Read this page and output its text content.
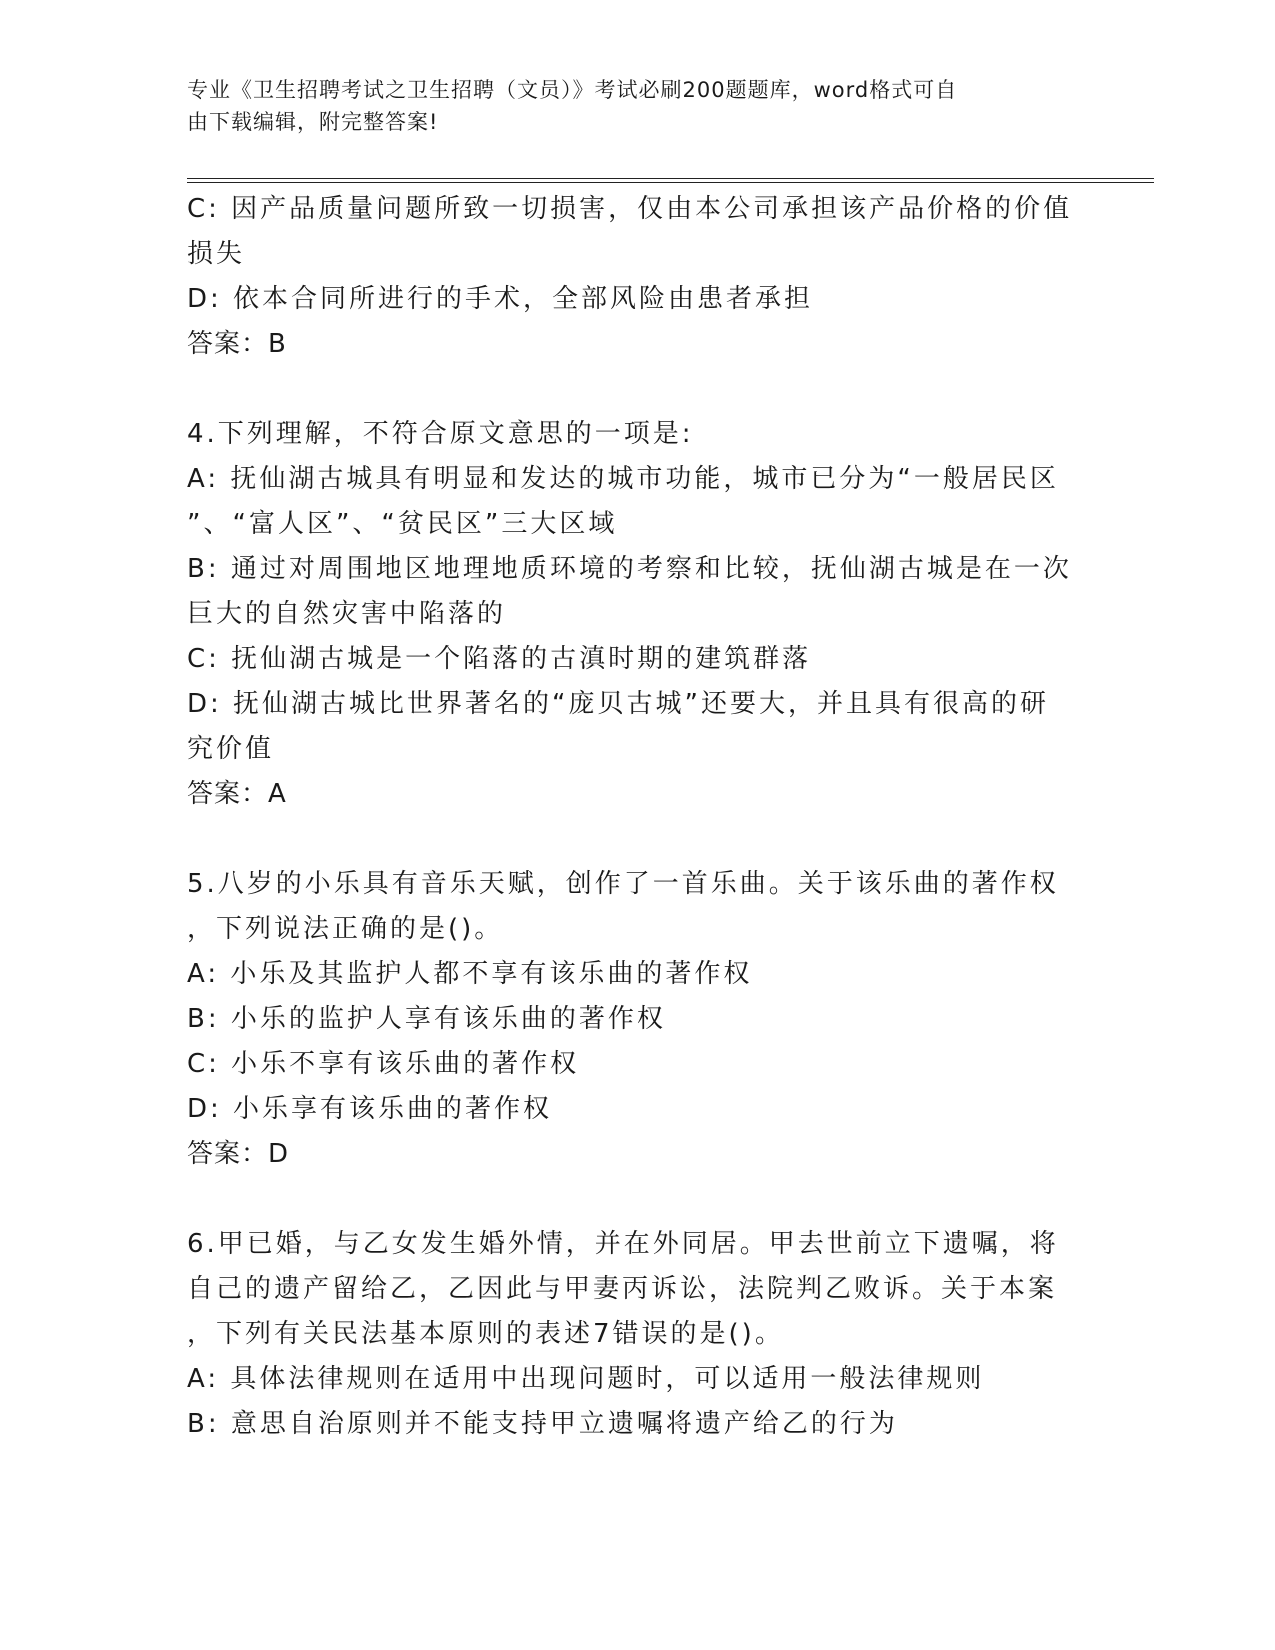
专业《卫生招聘考试之卫生招聘（文员）》考试必刷200题题库，word格式可自
由下载编辑，附完整答案!
C: 因产品质量问题所致一切损害，仅由本公司承担该产品价格的价值
损失
D: 依本合同所进行的手术，全部风险由患者承担
答案：B
4.下列理解，不符合原文意思的一项是:
A: 抚仙湖古城具有明显和发达的城市功能，城市已分为“一般居民区
”、“富人区”、“贫民区”三大区域
B: 通过对周围地区地理地质环境的考察和比较，抚仙湖古城是在一次
巨大的自然灾害中陷落的
C: 抚仙湖古城是一个陷落的古滇时期的建筑群落
D: 抚仙湖古城比世界著名的“庞贝古城”还要大，并且具有很高的研
究价值
答案：A
5.八岁的小乐具有音乐天赋，创作了一首乐曲。关于该乐曲的著作权
，下列说法正确的是()。
A: 小乐及其监护人都不享有该乐曲的著作权
B: 小乐的监护人享有该乐曲的著作权
C: 小乐不享有该乐曲的著作权
D: 小乐享有该乐曲的著作权
答案：D
6.甲已婚，与乙女发生婚外情，并在外同居。甲去世前立下遗嘱，将
自己的遗产留给乙，乙因此与甲妻丙诉讼，法院判乙败诉。关于本案
，下列有关民法基本原则的表述7错误的是()。
A: 具体法律规则在适用中出现问题时，可以适用一般法律规则
B: 意思自治原则并不能支持甲立遗嘱将遗产给乙的行为
